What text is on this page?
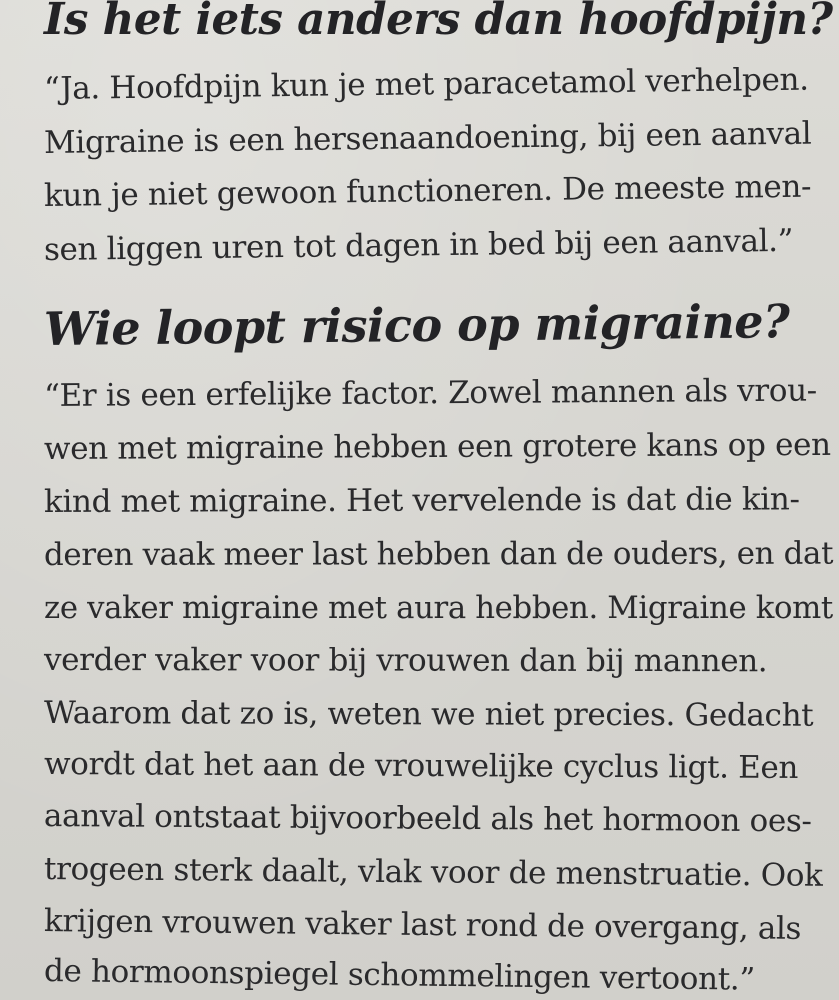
Is het iets anders dan hoofdpijn?

“Ja. Hoofdpijn kun je met paracetamol verhelpen.

Migraine is een hersenaandoening, bij een aanval

kun je niet gewoon functioneren. De meeste men-

sen liggen uren tot dagen in bed bij een aanval.”

Wie loopt risico op migraine?

“Er is een erfelijke factor. Zowel mannen als vrou-

wen met migraine hebben een grotere kans op een

kind met migraine. Het vervelende is dat die kin-

deren vaak meer last hebben dan de ouders, en dat

ze vaker migraine met aura hebben. Migraine komt

verder vaker voor bij vrouwen dan bij mannen.

Waarom dat zo is, weten we niet precies. Gedacht

wordt dat het aan de vrouwelijke cyclus ligt. Een

aanval ontstaat bijvoorbeeld als het hormoon oes-

trogeen sterk daalt, vlak voor de menstruatie. Ook

krijgen vrouwen vaker last rond de overgang, als

de hormoonspiegel schommelingen vertoont.”
